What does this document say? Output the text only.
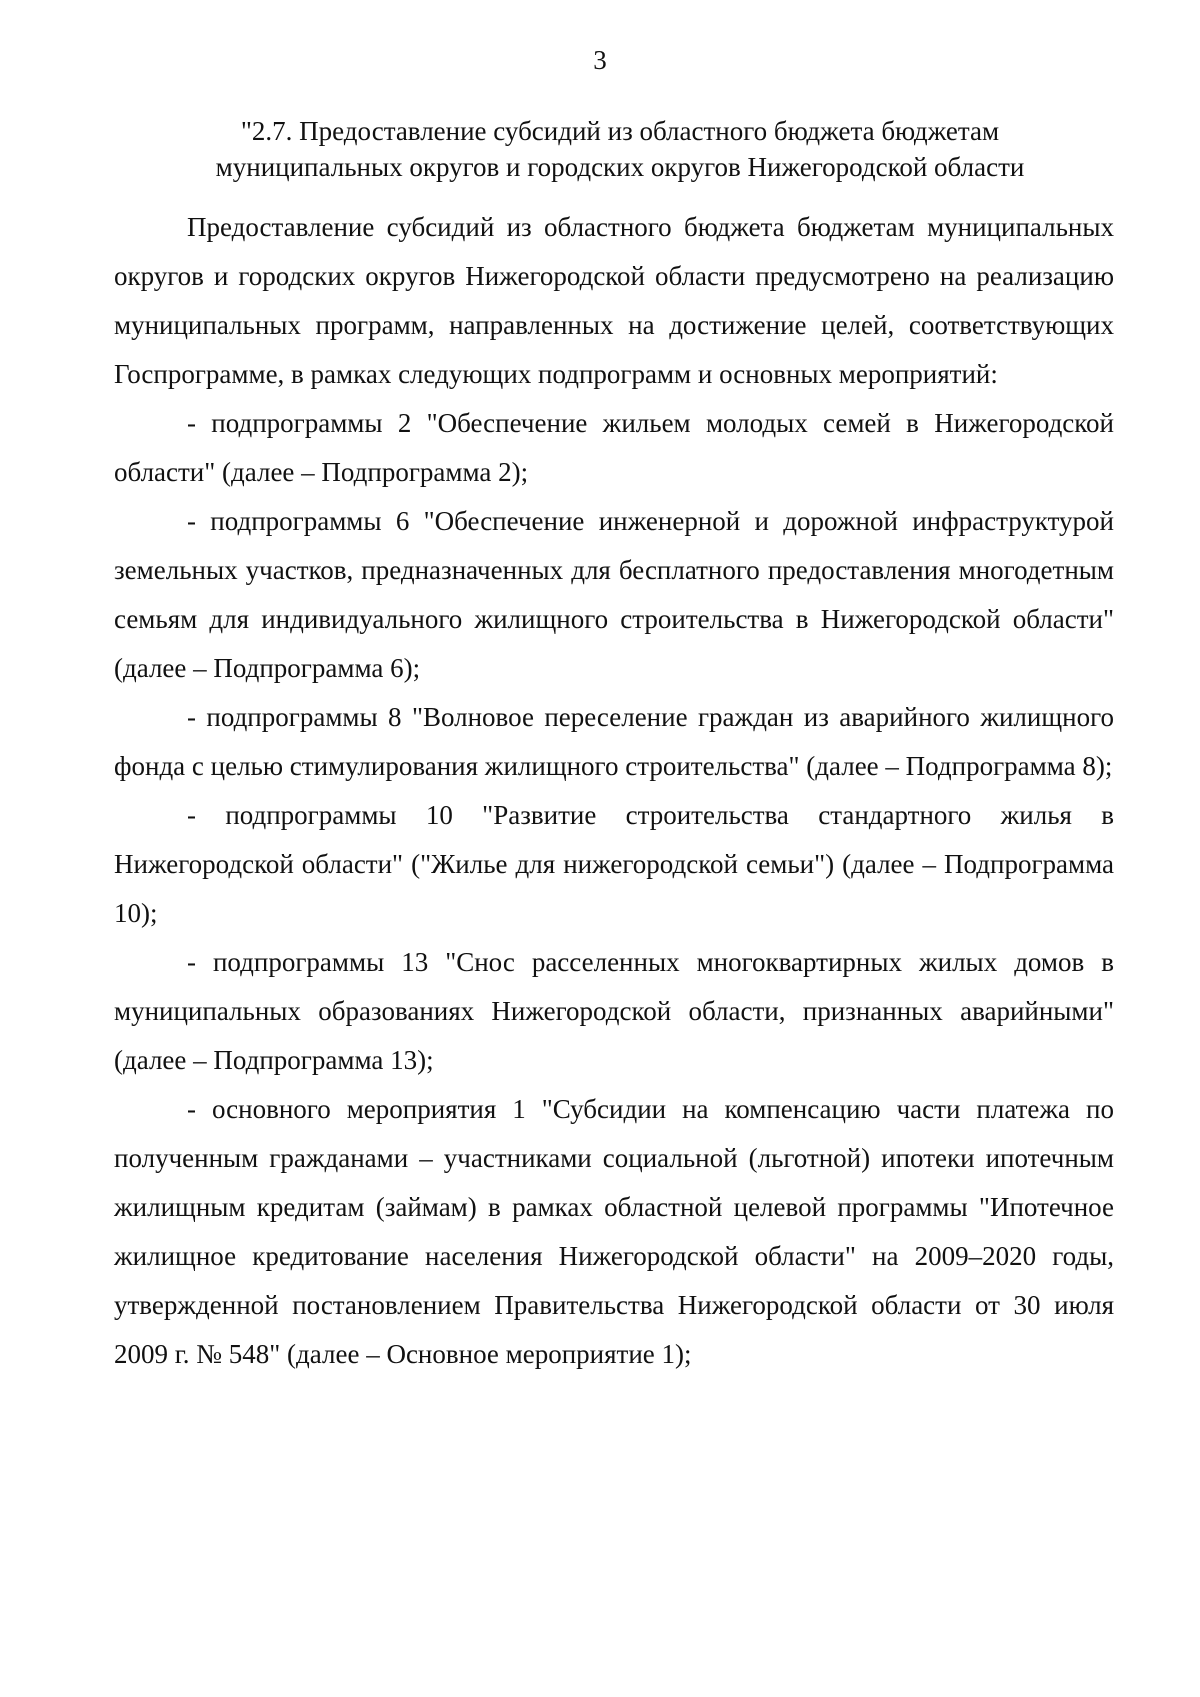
3
"2.7. Предоставление субсидий из областного бюджета бюджетам
муниципальных округов и городских округов Нижегородской области

Предоставление субсидий из областного бюджета бюджетам муниципальных округов и городских округов Нижегородской области предусмотрено на реализацию муниципальных программ, направленных на достижение целей, соответствующих Госпрограмме, в рамках следующих подпрограмм и основных мероприятий:

- подпрограммы 2 "Обеспечение жильем молодых семей в Нижегородской области" (далее – Подпрограмма 2);

- подпрограммы 6 "Обеспечение инженерной и дорожной инфраструктурой земельных участков, предназначенных для бесплатного предоставления многодетным семьям для индивидуального жилищного строительства в Нижегородской области" (далее – Подпрограмма 6);

- подпрограммы 8 "Волновое переселение граждан из аварийного жилищного фонда с целью стимулирования жилищного строительства" (далее – Подпрограмма 8);

- подпрограммы 10 "Развитие строительства стандартного жилья в Нижегородской области" ("Жилье для нижегородской семьи") (далее – Подпрограмма 10);

- подпрограммы 13 "Снос расселенных многоквартирных жилых домов в муниципальных образованиях Нижегородской области, признанных аварийными" (далее – Подпрограмма 13);

- основного мероприятия 1 "Субсидии на компенсацию части платежа по полученным гражданами – участниками социальной (льготной) ипотеки ипотечным жилищным кредитам (займам) в рамках областной целевой программы "Ипотечное жилищное кредитование населения Нижегородской области" на 2009–2020 годы, утвержденной постановлением Правительства Нижегородской области от 30 июля 2009 г. № 548" (далее – Основное мероприятие 1);
